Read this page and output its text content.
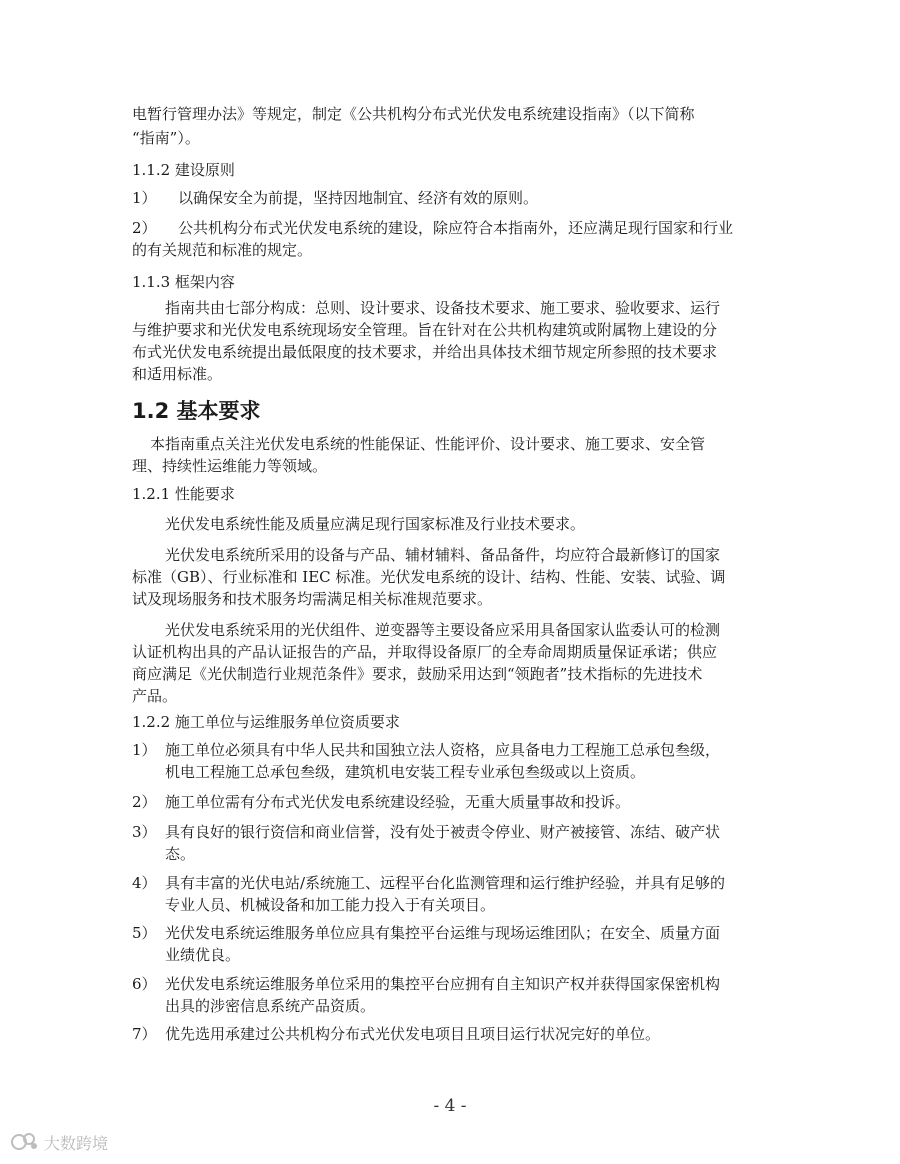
电暂行管理办法》等规定，制定《公共机构分布式光伏发电系统建设指南》（以下简称
“指南”）。
1.1.2 建设原则
1） 以确保安全为前提，坚持因地制宜、经济有效的原则。
2） 公共机构分布式光伏发电系统的建设，除应符合本指南外，还应满足现行国家和行业
的有关规范和标准的规定。
1.1.3 框架内容
指南共由七部分构成：总则、设计要求、设备技术要求、施工要求、验收要求、运行
与维护要求和光伏发电系统现场安全管理。旨在针对在公共机构建筑或附属物上建设的分
布式光伏发电系统提出最低限度的技术要求，并给出具体技术细节规定所参照的技术要求
和适用标准。
1.2 基本要求
本指南重点关注光伏发电系统的性能保证、性能评价、设计要求、施工要求、安全管
理、持续性运维能力等领域。
1.2.1 性能要求
光伏发电系统性能及质量应满足现行国家标准及行业技术要求。
光伏发电系统所采用的设备与产品、辅材辅料、备品备件，均应符合最新修订的国家
标准（GB）、行业标准和 IEC 标准。光伏发电系统的设计、结构、性能、安装、试验、调
试及现场服务和技术服务均需满足相关标准规范要求。
光伏发电系统采用的光伏组件、逆变器等主要设备应采用具备国家认监委认可的检测
认证机构出具的产品认证报告的产品，并取得设备原厂的全寿命周期质量保证承诺；供应
商应满足《光伏制造行业规范条件》要求，鼓励采用达到“领跑者”技术指标的先进技术
产品。
1.2.2 施工单位与运维服务单位资质要求
1） 施工单位必须具有中华人民共和国独立法人资格，应具备电力工程施工总承包叁级，
机电工程施工总承包叁级，建筑机电安装工程专业承包叁级或以上资质。
2） 施工单位需有分布式光伏发电系统建设经验，无重大质量事故和投诉。
3） 具有良好的银行资信和商业信誉，没有处于被责令停业、财产被接管、冻结、破产状
态。
4） 具有丰富的光伏电站/系统施工、远程平台化监测管理和运行维护经验，并具有足够的
专业人员、机械设备和加工能力投入于有关项目。
5） 光伏发电系统运维服务单位应具有集控平台运维与现场运维团队；在安全、质量方面
业绩优良。
6） 光伏发电系统运维服务单位采用的集控平台应拥有自主知识产权并获得国家保密机构
出具的涉密信息系统产品资质。
7） 优先选用承建过公共机构分布式光伏发电项目且项目运行状况完好的单位。
- 4 -
大数跨境
